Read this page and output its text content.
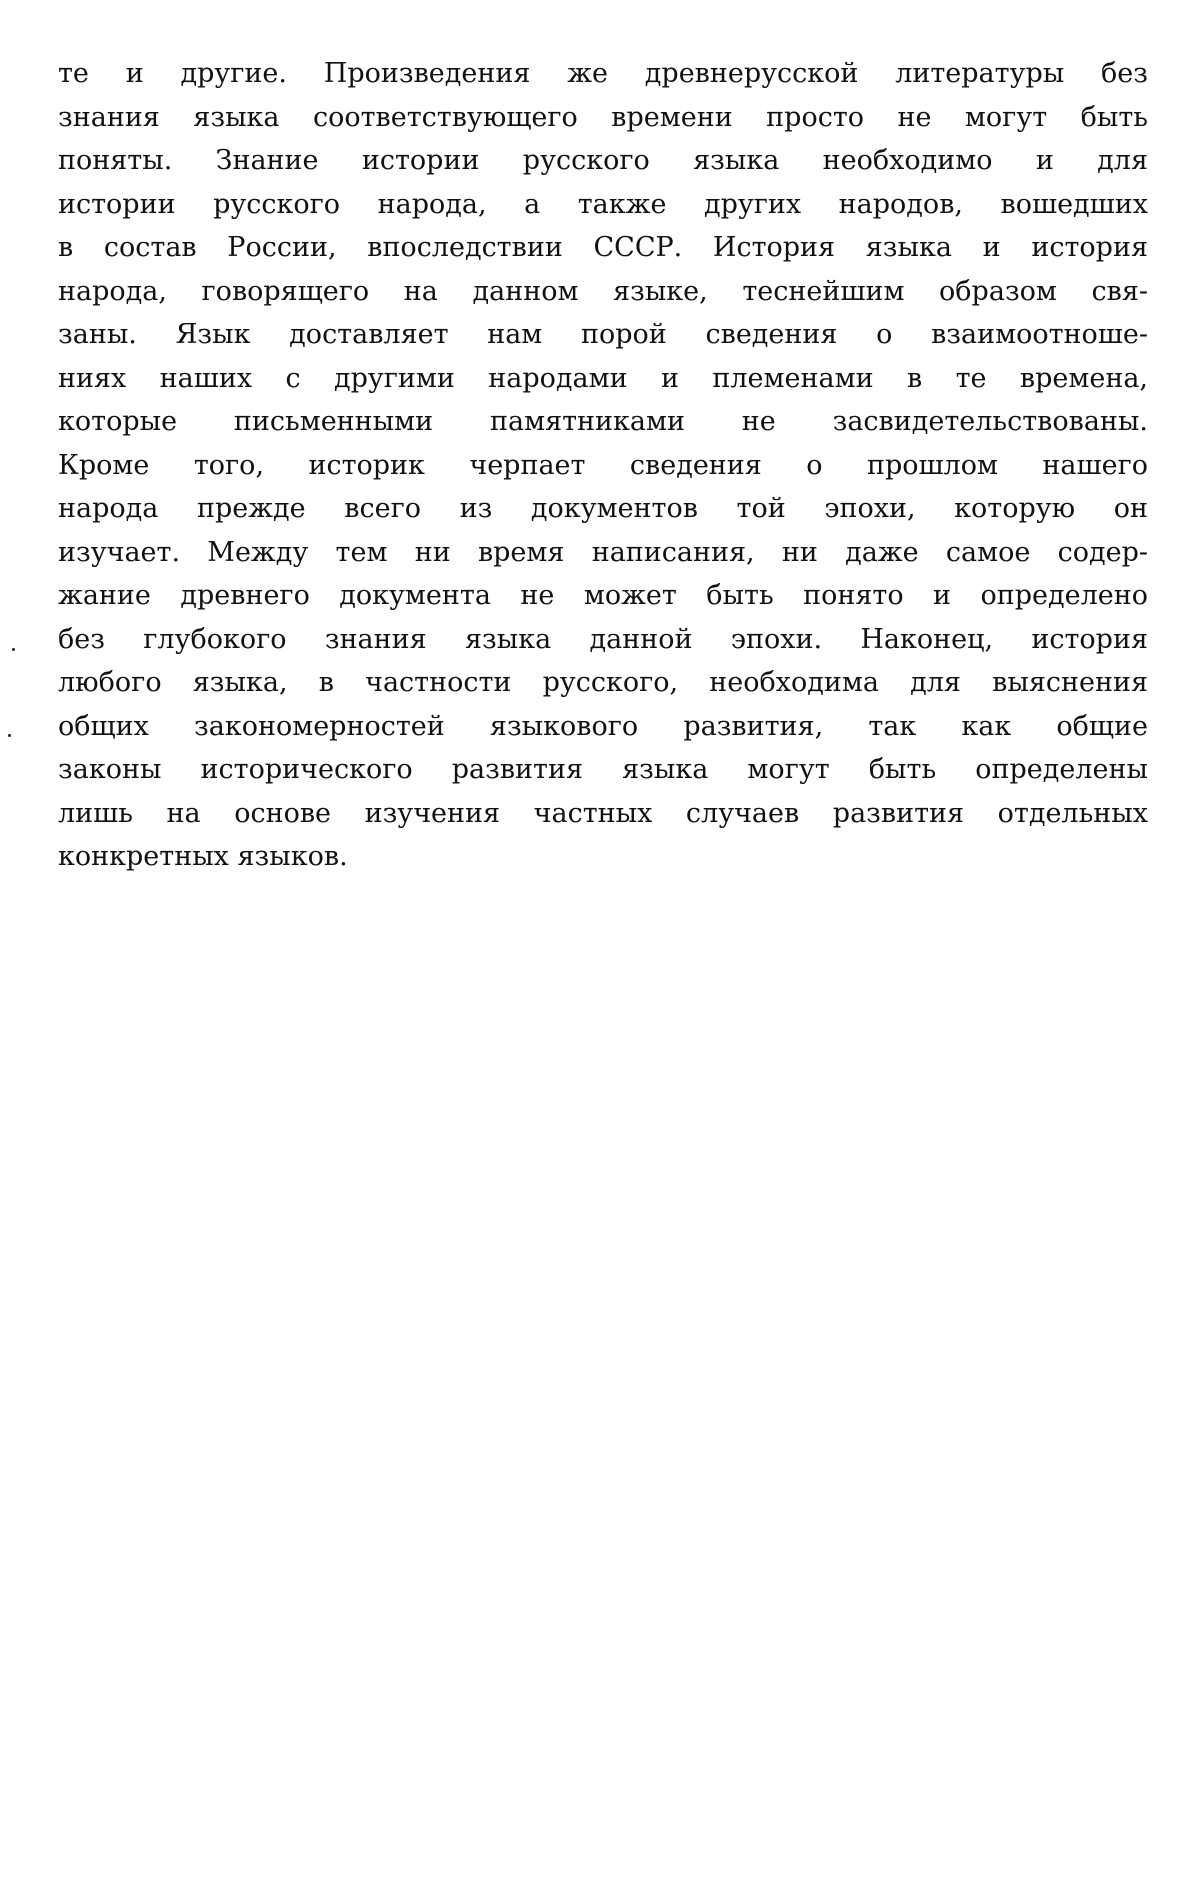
те и другие. Произведения же древнерусской литературы без
знания языка соответствующего времени просто не могут быть
поняты. Знание истории русского языка необходимо и для
истории русского народа, а также других народов, вошедших
в состав России, впоследствии СССР. История языка и история
народа, говорящего на данном языке, теснейшим образом свя-
заны. Язык доставляет нам порой сведения о взаимоотноше-
ниях наших с другими народами и племенами в те времена,
которые письменными памятниками не засвидетельствованы.
Кроме того, историк черпает сведения о прошлом нашего
народа прежде всего из документов той эпохи, которую он
изучает. Между тем ни время написания, ни даже самое содер-
жание древнего документа не может быть понято и определено
без глубокого знания языка данной эпохи. Наконец, история
любого языка, в частности русского, необходима для выяснения
общих закономерностей языкового развития, так как общие
законы исторического развития языка могут быть определены
лишь на основе изучения частных случаев развития отдельных
конкретных языков.
